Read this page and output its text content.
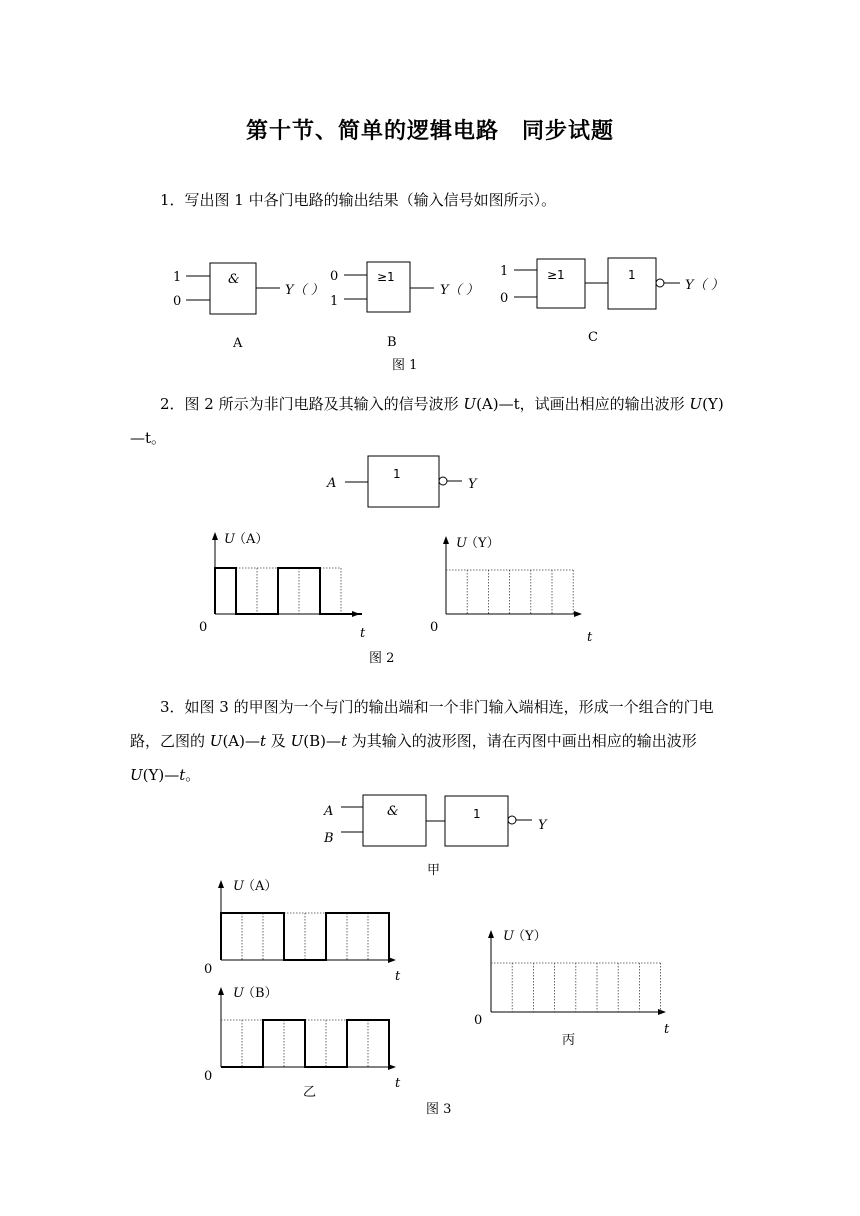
第十节、简单的逻辑电路　同步试题

1．写出图 1 中各门电路的输出结果（输入信号如图所示）。

1
0
&
Y（ ）
A
0
1
≥1
Y（ ）
B
1
0
≥1	1
Y（ ）
C
图 1
A
1
Y
U
（A）
0	t
U
（Y）
0
t
图 2
A
B
&	1
Y
甲
U
（A）
0	t
U
（B）
0	t
乙
U
（Y）
0
t
丙
图 3

2．图 2 所示为非门电路及其输入的信号波形 U(A)—t，试画出相应的输出波形 U(Y)—t。

3．如图 3 的甲图为一个与门的输出端和一个非门输入端相连，形成一个组合的门电路，乙图的 U(A)—t 及 U(B)—t 为其输入的波形图，请在丙图中画出相应的输出波形 U(Y)—t。
